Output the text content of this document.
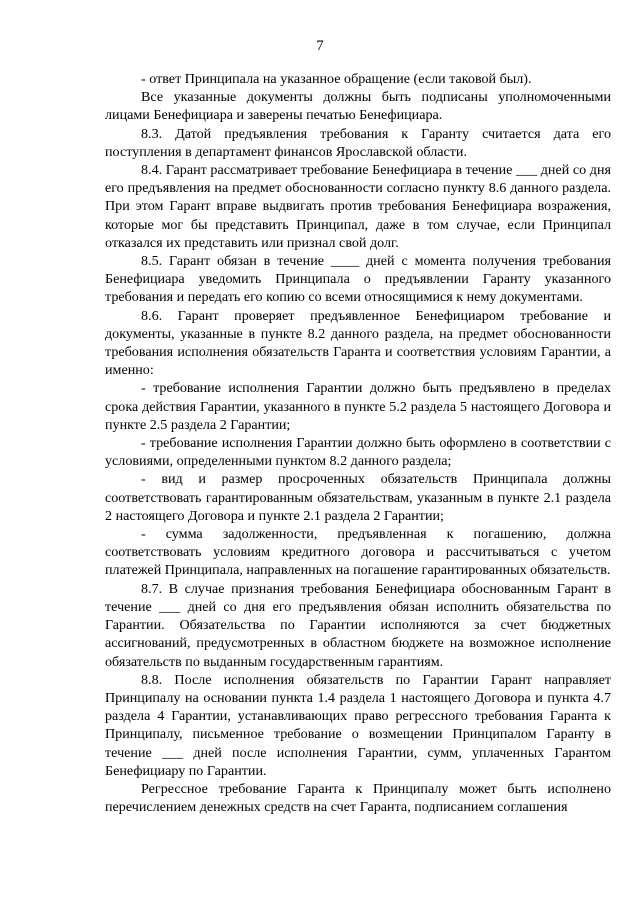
7

- ответ Принципала на указанное обращение (если таковой был).

Все указанные документы должны быть подписаны уполномоченными лицами Бенефициара и заверены печатью Бенефициара.

8.3. Датой предъявления требования к Гаранту считается дата его поступления в департамент финансов Ярославской области.

8.4. Гарант рассматривает требование Бенефициара в течение ___ дней со дня его предъявления на предмет обоснованности согласно пункту 8.6 данного раздела. При этом Гарант вправе выдвигать против требования Бенефициара возражения, которые мог бы представить Принципал, даже в том случае, если Принципал отказался их представить или признал свой долг.

8.5. Гарант обязан в течение ____ дней с момента получения требования Бенефициара уведомить Принципала о предъявлении Гаранту указанного требования и передать его копию со всеми относящимися к нему документами.

8.6. Гарант проверяет предъявленное Бенефициаром требование и документы, указанные в пункте 8.2 данного раздела, на предмет обоснованности требования исполнения обязательств Гаранта и соответствия условиям Гарантии, а именно:

- требование исполнения Гарантии должно быть предъявлено в пределах срока действия Гарантии, указанного в пункте 5.2 раздела 5 настоящего Договора и пункте 2.5 раздела 2 Гарантии;

- требование исполнения Гарантии должно быть оформлено в соответствии с условиями, определенными пунктом 8.2 данного раздела;

- вид и размер просроченных обязательств Принципала должны соответствовать гарантированным обязательствам, указанным в пункте 2.1 раздела 2 настоящего Договора и пункте 2.1 раздела 2 Гарантии;

- сумма задолженности, предъявленная к погашению, должна соответствовать условиям кредитного договора и рассчитываться с учетом платежей Принципала, направленных на погашение гарантированных обязательств.

8.7. В случае признания требования Бенефициара обоснованным Гарант в течение ___ дней со дня его предъявления обязан исполнить обязательства по Гарантии. Обязательства по Гарантии исполняются за счет бюджетных ассигнований, предусмотренных в областном бюджете на возможное исполнение обязательств по выданным государственным гарантиям.

8.8. После исполнения обязательств по Гарантии Гарант направляет Принципалу на основании пункта 1.4 раздела 1 настоящего Договора и пункта 4.7 раздела 4 Гарантии, устанавливающих право регрессного требования Гаранта к Принципалу, письменное требование о возмещении Принципалом Гаранту в течение ___ дней после исполнения Гарантии, сумм, уплаченных Гарантом Бенефициару по Гарантии.

Регрессное требование Гаранта к Принципалу может быть исполнено перечислением денежных средств на счет Гаранта, подписанием соглашения
